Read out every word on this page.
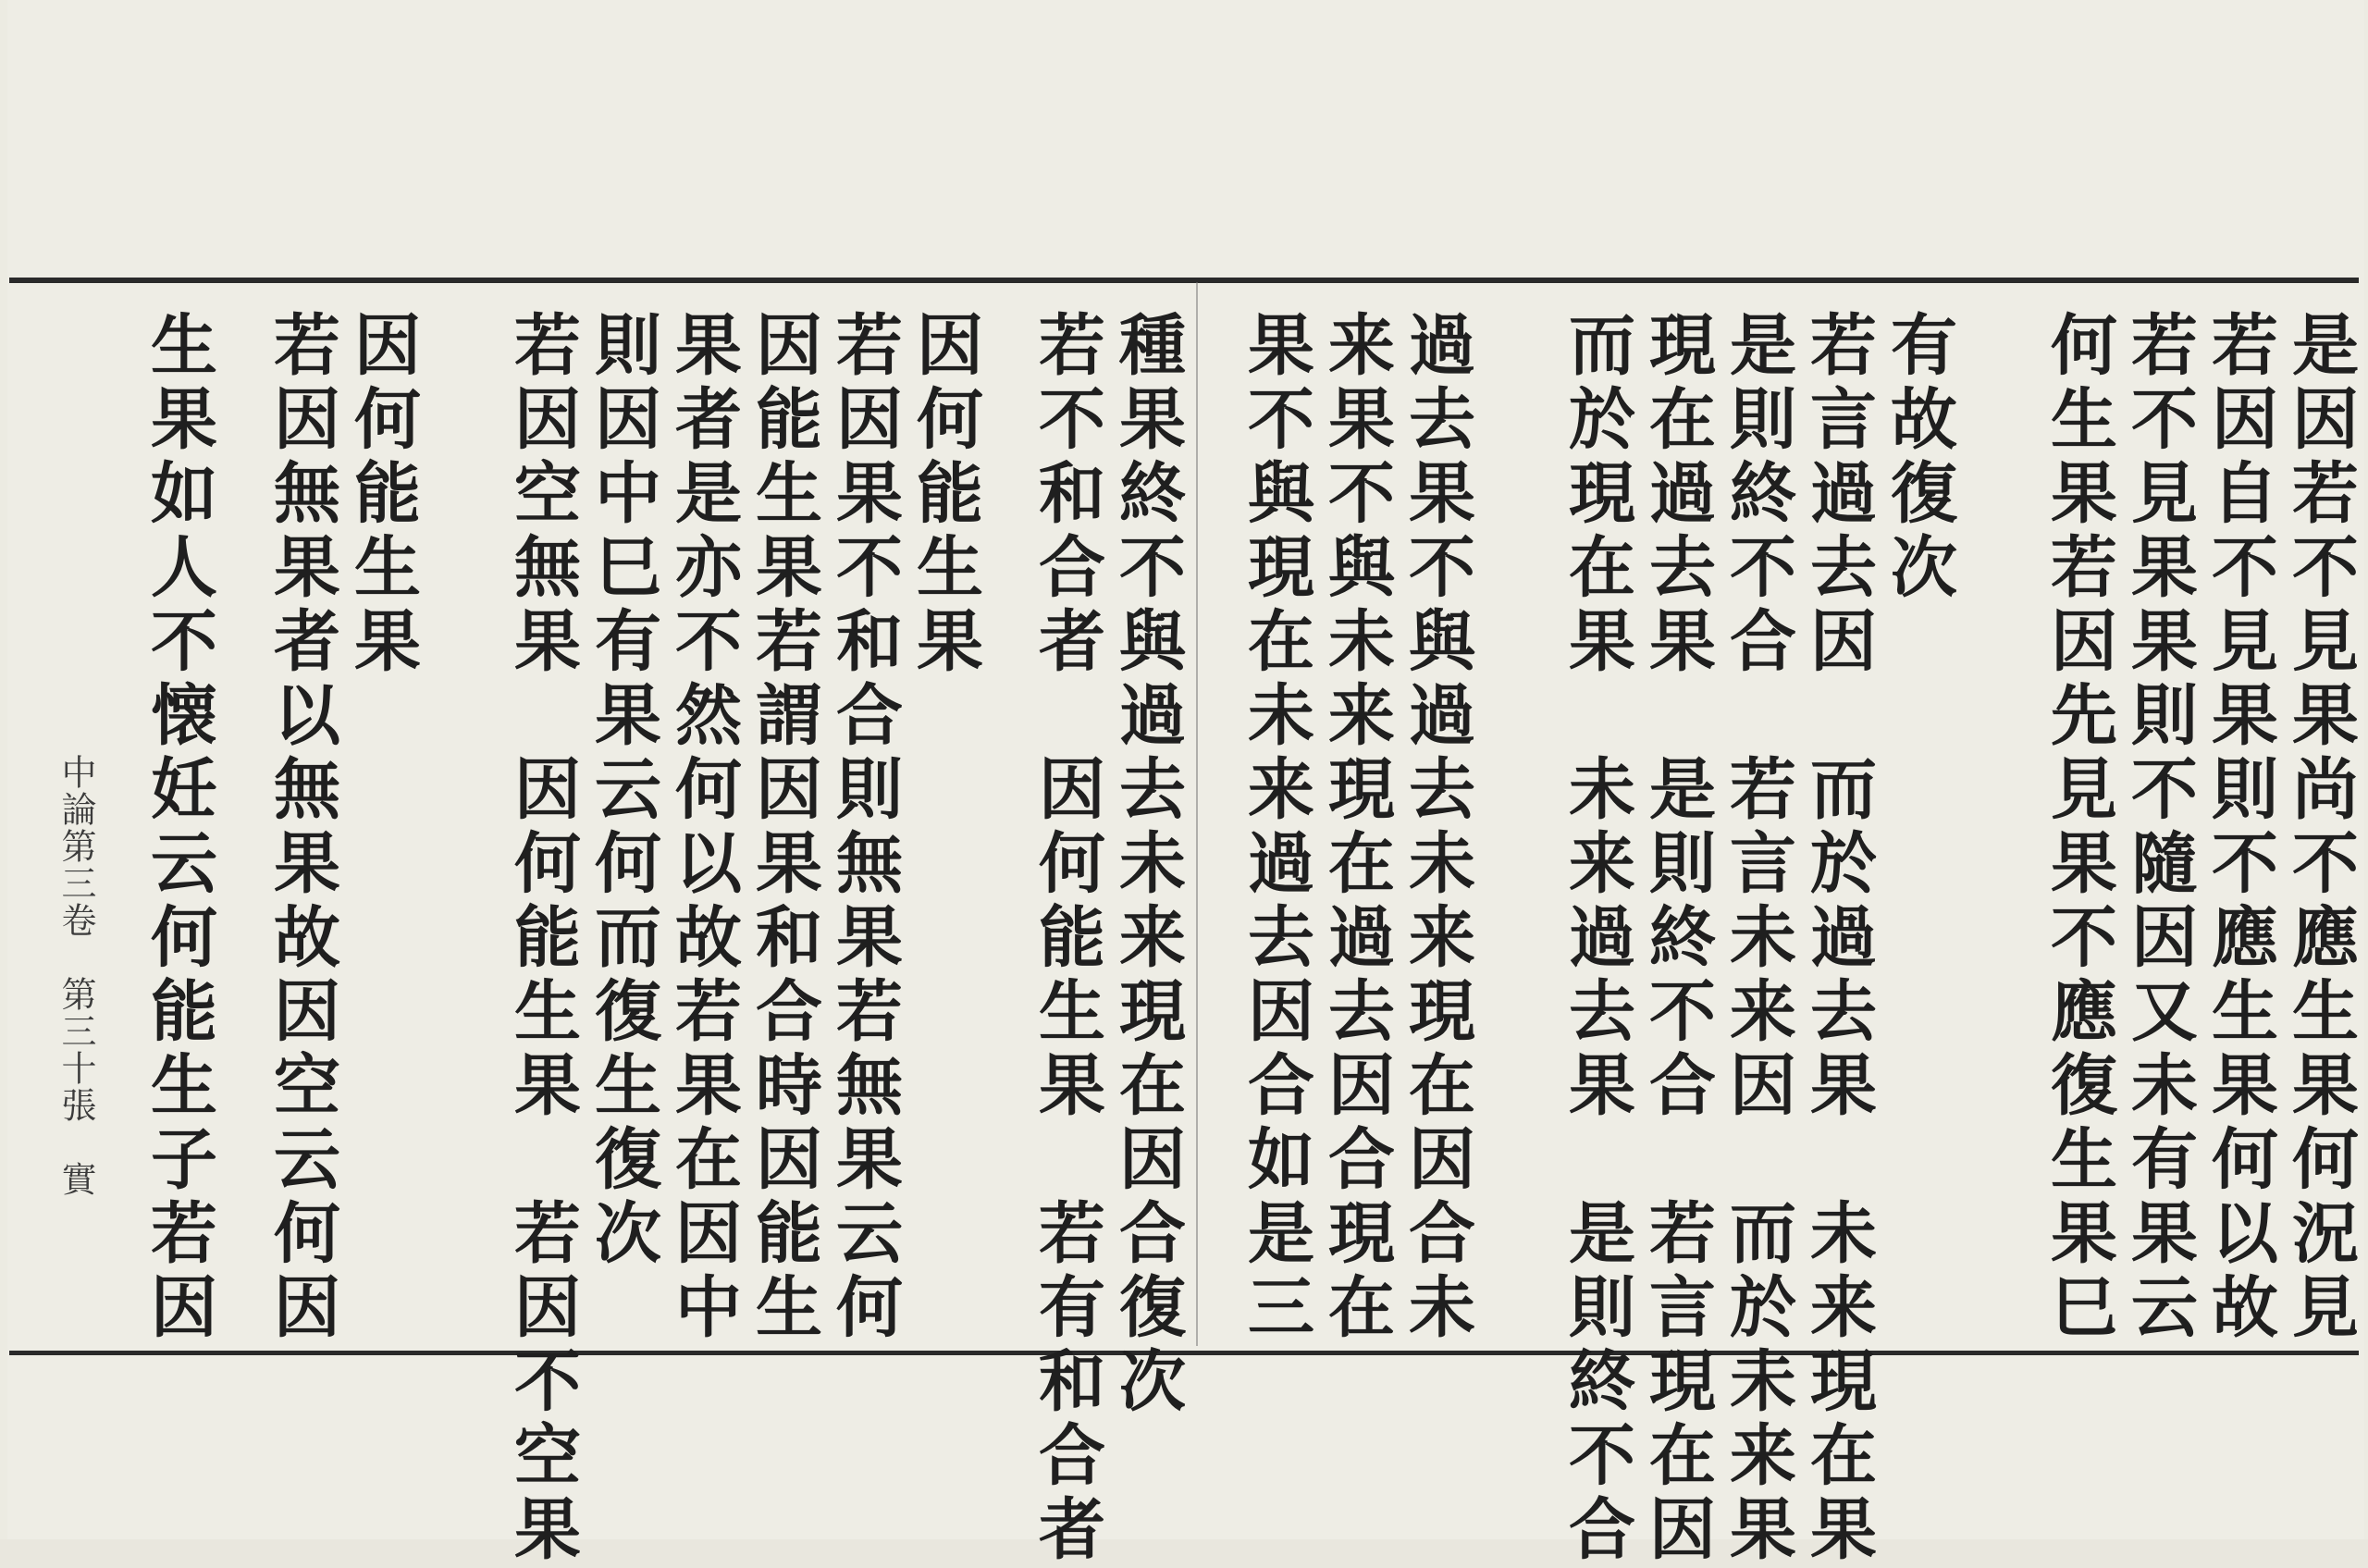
是因若不見果尚不應生果何況見
若因自不見果則不應生果何以故
若不見果果則不隨因又未有果云
何生果若因先見果不應復生果巳
有故復次
若言過去因　而於過去果　未来現在果
是則終不合　若言未来因　而於未来果
現在過去果　是則終不合　若言現在因
而於現在果　未来過去果　是則終不合
過去果不與過去未来現在因合未
来果不與未来現在過去因合現在
果不與現在未来過去因合如是三
種果終不與過去未来現在因合復次
若不和合者　因何能生果　若有和合者
因何能生果
若因果不和合則無果若無果云何
因能生果若謂因果和合時因能生
果者是亦不然何以故若果在因中
則因中巳有果云何而復生復次
若因空無果　因何能生果　若因不空果
因何能生果
若因無果者以無果故因空云何因
生果如人不懐妊云何能生子若因
中論第三卷　第三十張　實
